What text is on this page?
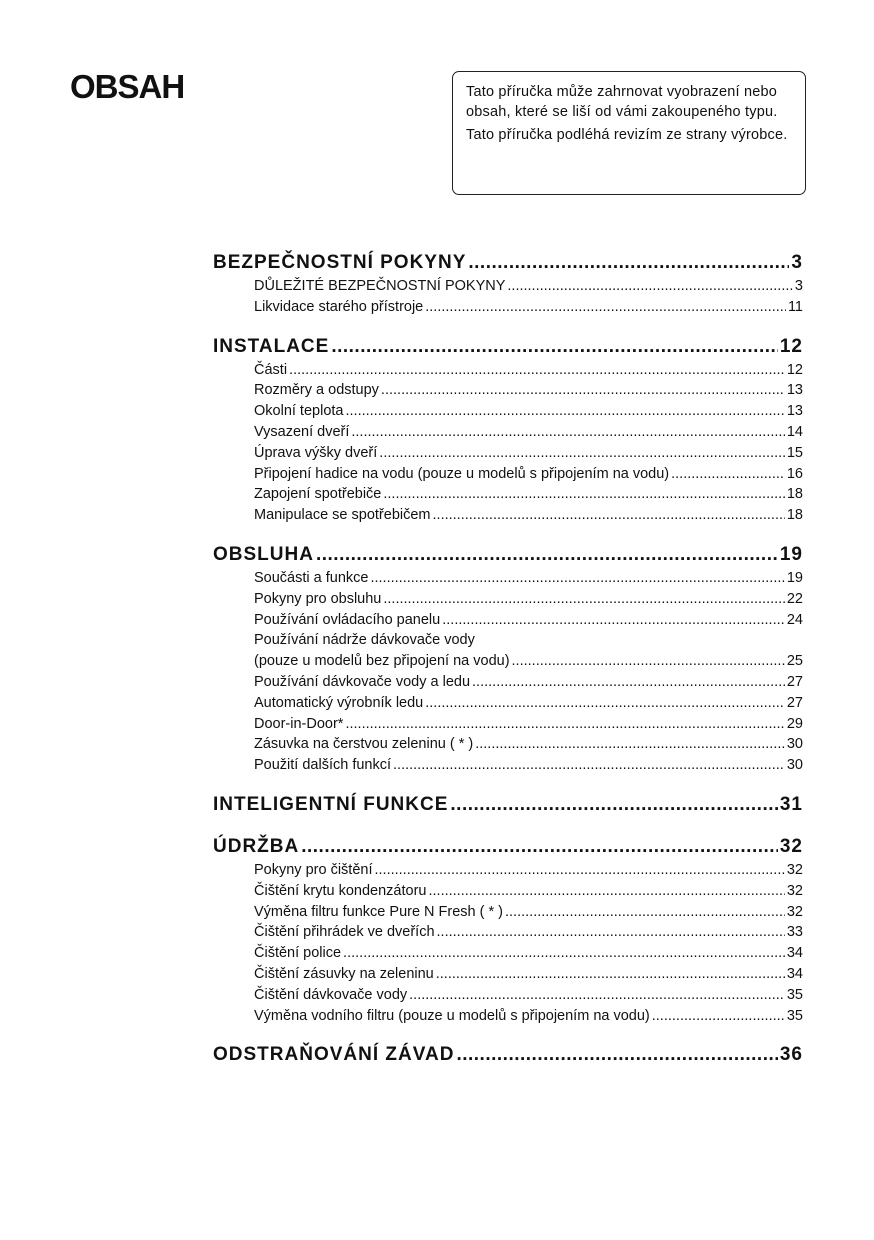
OBSAH	Tato příručka může zahrnovat vyobrazení nebo obsah, které se liší od vámi zakoupeného typu.

Tato příručka podléhá revizím ze strany výrobce.

BEZPEČNOSTNÍ POKYNY .....	3
DŮLEŽITÉ BEZPEČNOSTNÍ POKYNY .....	3
Likvidace starého přístroje .....	11
INSTALACE .....	12
Části .....	12
Rozměry a odstupy .....	13
Okolní teplota .....	13
Vysazení dveří .....	14
Úprava výšky dveří .....	15
Připojení hadice na vodu (pouze u modelů s připojením na vodu) .....	16
Zapojení spotřebiče .....	18
Manipulace se spotřebičem .....	18
OBSLUHA .....	19
Součásti a funkce .....	19
Pokyny pro obsluhu .....	22
Používání ovládacího panelu .....	24
Používání nádrže dávkovače vody
(pouze u modelů bez připojení na vodu) .....	25
Používání dávkovače vody a ledu .....	27
Automatický výrobník ledu .....	27
Door-in-Door* .....	29
Zásuvka na čerstvou zeleninu ( * ) .....	30
Použití dalších funkcí .....	30
INTELIGENTNÍ FUNKCE .....	31
ÚDRŽBA .....	32
Pokyny pro čištění .....	32
Čištění krytu kondenzátoru .....	32
Výměna filtru funkce Pure N Fresh ( * ) .....	32
Čištění přihrádek ve dveřích .....	33
Čištění police .....	34
Čištění zásuvky na zeleninu .....	34
Čištění dávkovače vody .....	35
Výměna vodního filtru (pouze u modelů s připojením na vodu) .....	35
ODSTRAŇOVÁNÍ ZÁVAD .....	36
